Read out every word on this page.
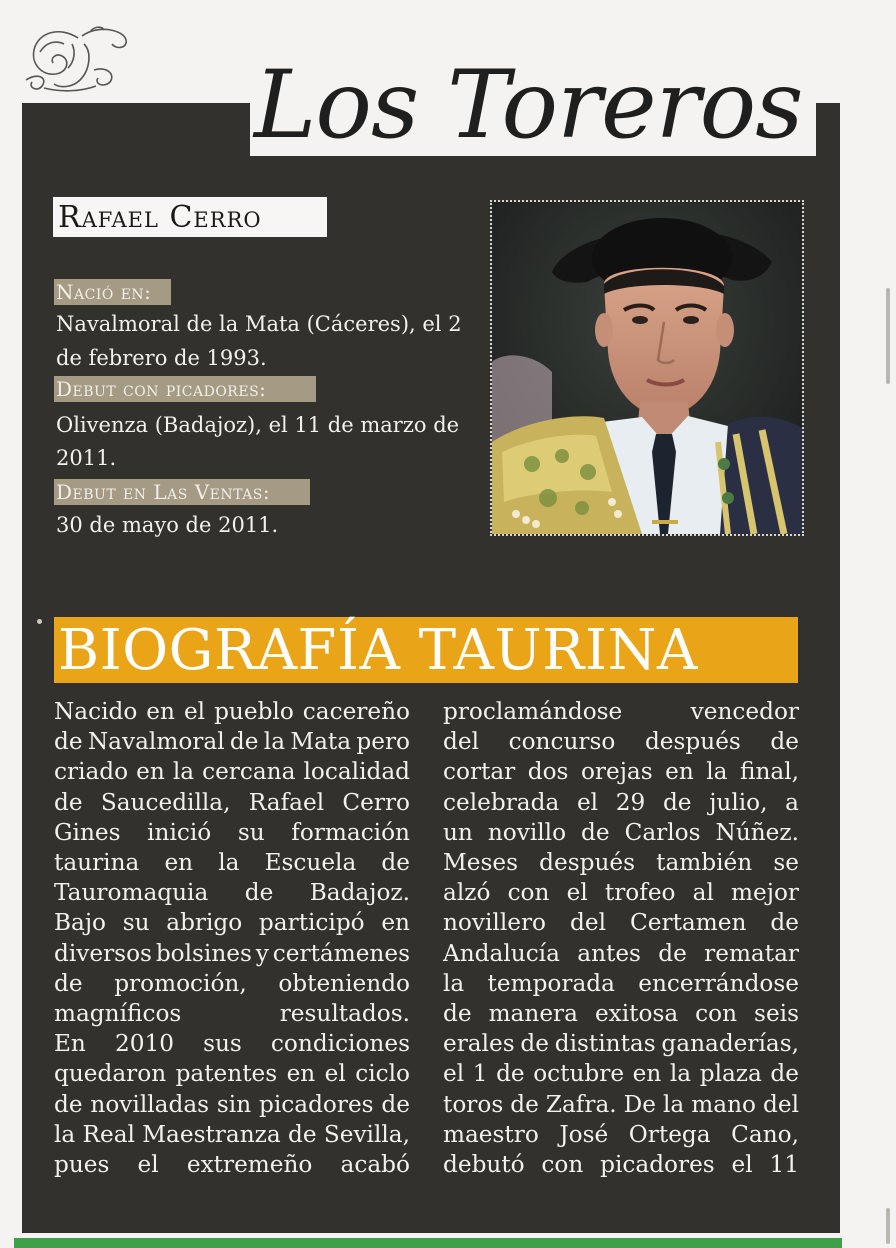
Los Toreros
Rafael Cerro
Nació en:
Navalmoral de la Mata (Cáceres), el 2
de febrero de 1993.
Debut con picadores:
Olivenza (Badajoz), el 11 de marzo de
2011.
Debut en Las Ventas:
30 de mayo de 2011.
BIOGRAFÍA TAURINA
Nacido en el pueblo cacereño
de Navalmoral de la Mata pero
criado en la cercana localidad
de Saucedilla, Rafael Cerro
Gines inició su formación
taurina en la Escuela de
Tauromaquia de Badajoz.
Bajo su abrigo participó en
diversos bolsines y certámenes
de promoción, obteniendo
magníficos resultados.
En 2010 sus condiciones
quedaron patentes en el ciclo
de novilladas sin picadores de
la Real Maestranza de Sevilla,
pues el extremeño acabó
proclamándose vencedor
del concurso después de
cortar dos orejas en la final,
celebrada el 29 de julio, a
un novillo de Carlos Núñez.
Meses después también se
alzó con el trofeo al mejor
novillero del Certamen de
Andalucía antes de rematar
la temporada encerrándose
de manera exitosa con seis
erales de distintas ganaderías,
el 1 de octubre en la plaza de
toros de Zafra. De la mano del
maestro José Ortega Cano,
debutó con picadores el 11
